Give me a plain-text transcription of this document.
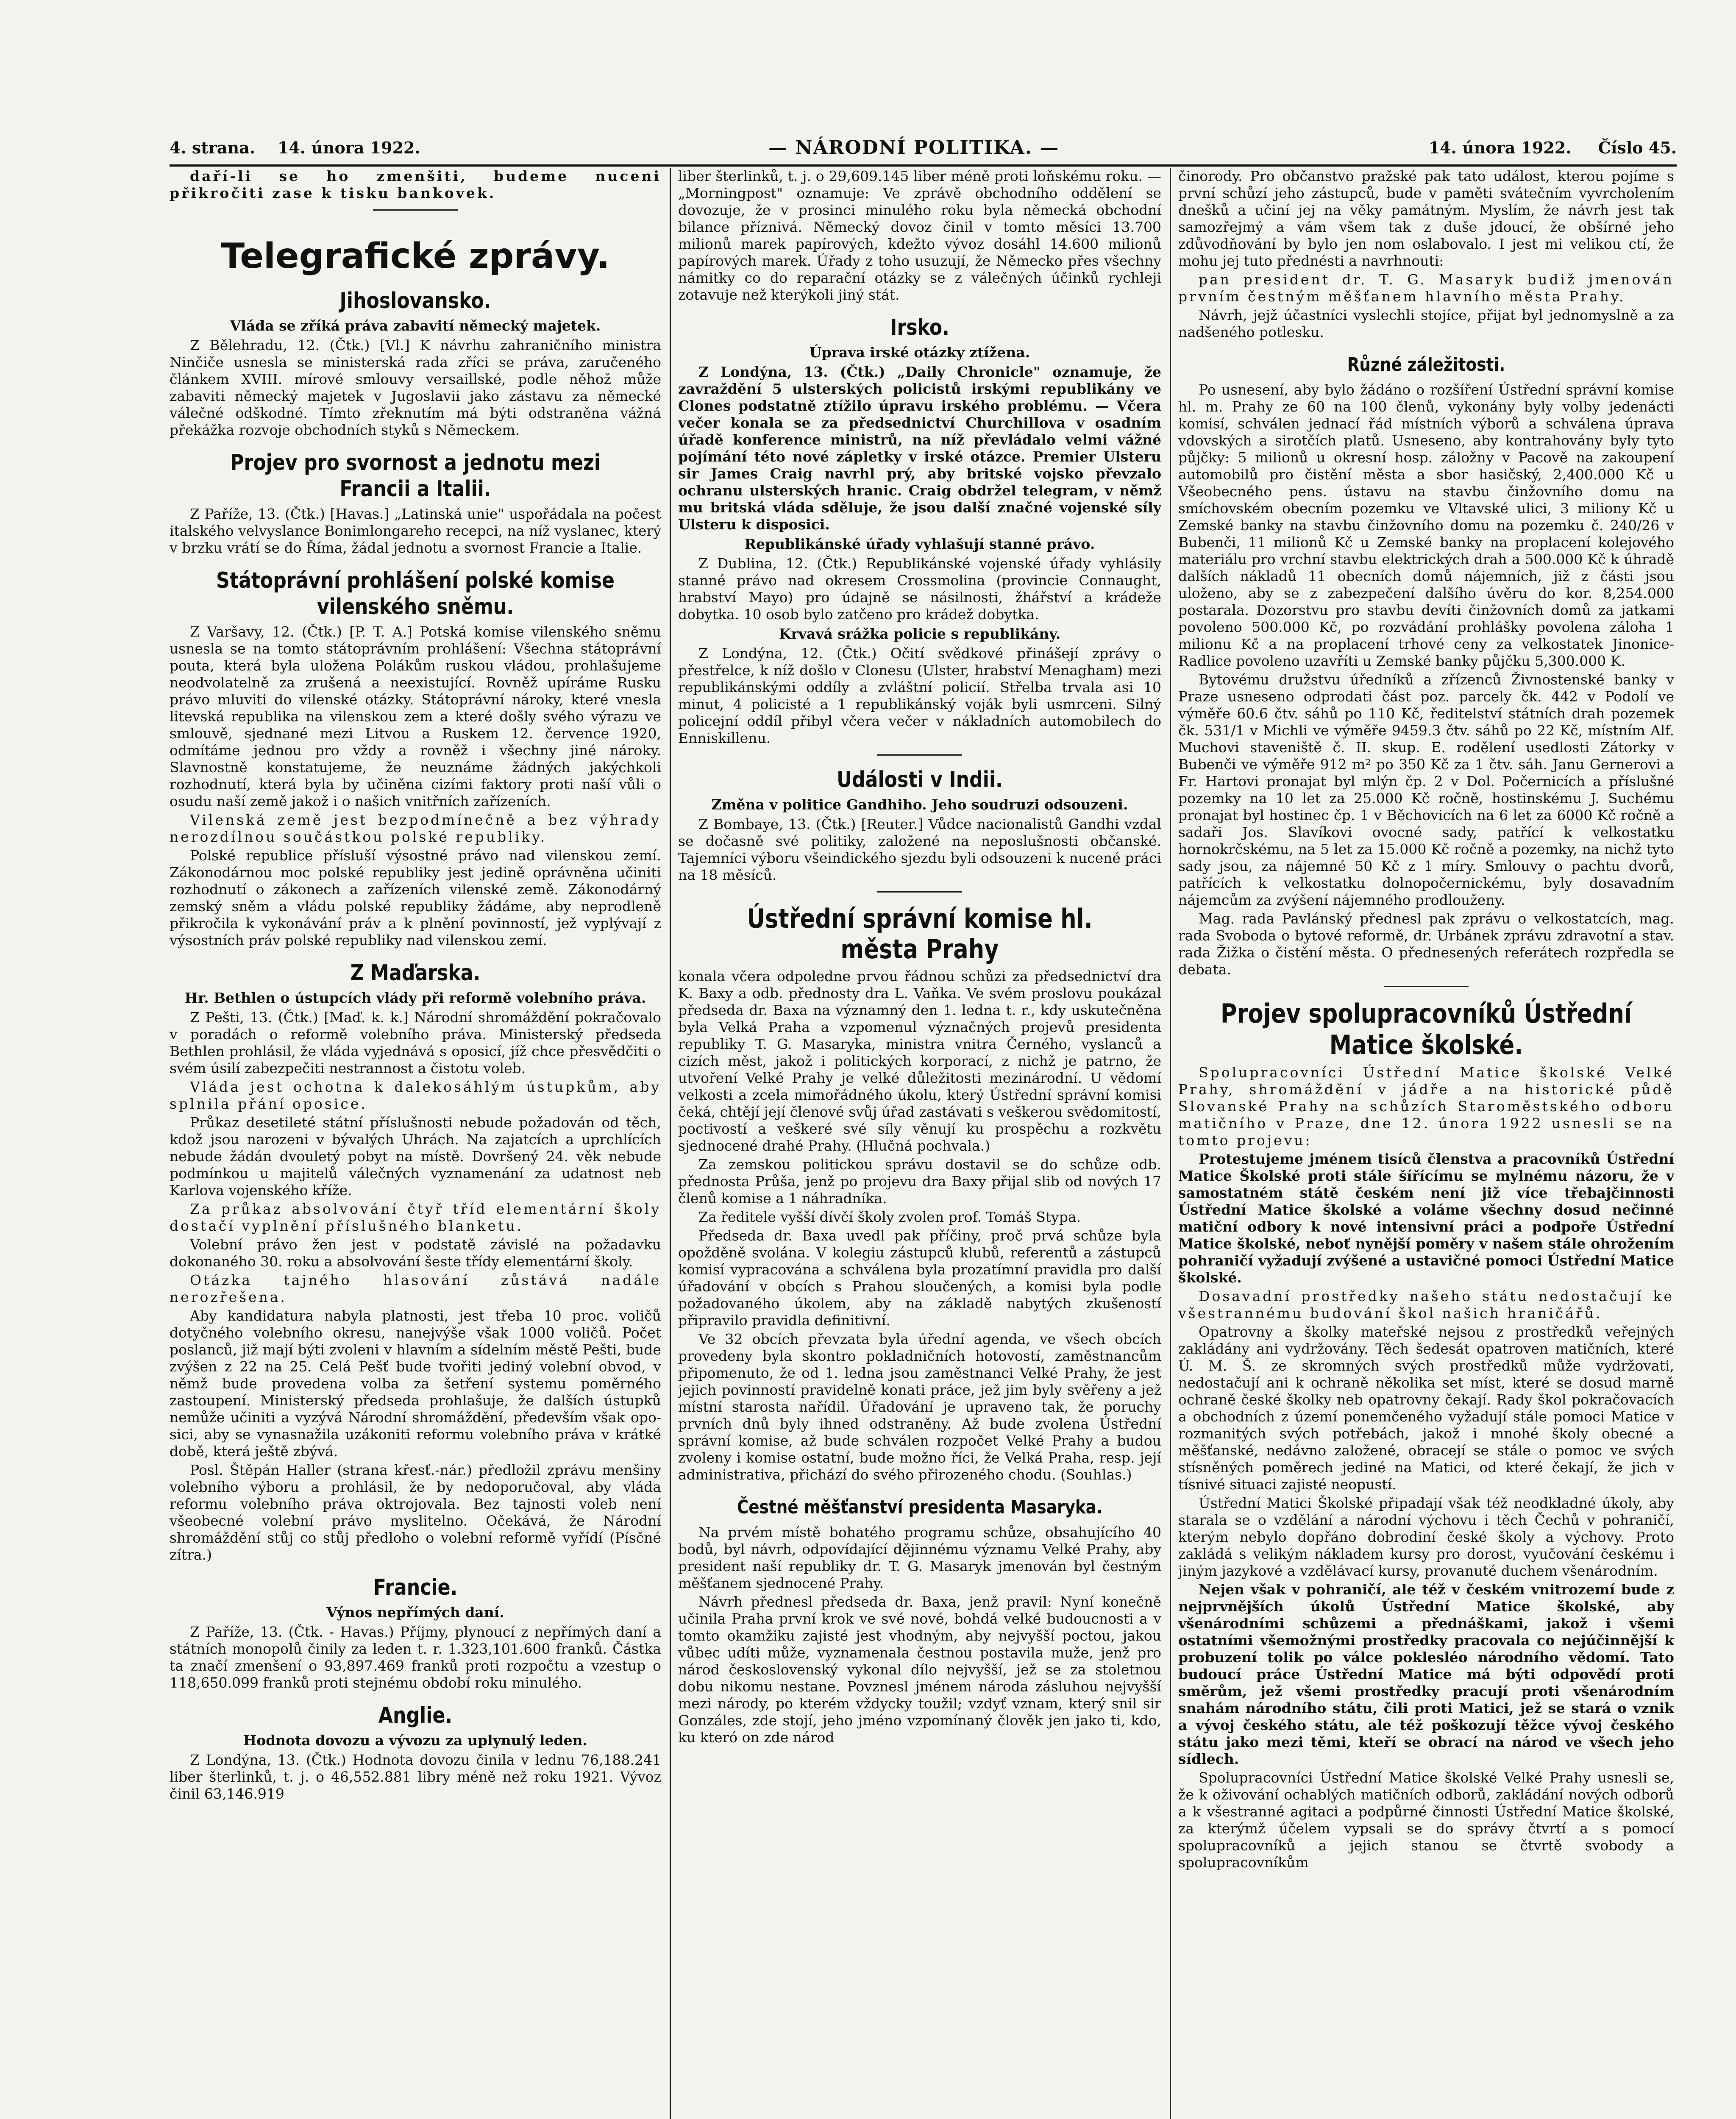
4. strana. 14. února 1922.	— NÁRODNÍ POLITIKA. —	14. února 1922. Číslo 45.

daří-li se ho zmenšiti, budeme nuceni přikročiti zase k tisku bankovek.

Telegrafické zprávy.
Jihoslovansko.
Vláda se zříká práva zabavití německý majetek.

Z Bělehradu, 12. (Čtk.) [Vl.] K návrhu zahraničního ministra Ninčiče usnesla se ministerská rada zříci se práva, zaručeného článkem XVIII. mírové smlouvy versaillské, podle něhož může zabaviti německý majetek v Jugoslavii jako zástavu za německé válečné odškodné. Tímto zřeknutím má býti odstraněna vážná překážka rozvoje obchodních styků s Německem.

Projev pro svornost a jednotu mezi Francii a Italii.

Z Paříže, 13. (Čtk.) [Havas.] „Latinská unie" uspořádala na počest italského velvyslance Bonimlongareho recepci, na níž vyslanec, který v brzku vrátí se do Říma, žádal jednotu a svornost Francie a Italie.

Státoprávní prohlášení polské komise vilenského sněmu.

Z Varšavy, 12. (Čtk.) [P. T. A.] Potská komise vilenského sněmu usnesla se na tomto státoprávním prohlášení: Všechna státoprávní pouta, která byla uložena Polákům ruskou vládou, prohlašujeme neodvolatelně za zrušená a neexistující. Rovněž upíráme Rusku právo mluviti do vilenské otázky. Státoprávní nároky, které vnesla litevská republika na vilenskou zem a které došly svého výrazu ve smlouvě, sjednané mezi Litvou a Ruskem 12. července 1920, odmítáme jednou pro vždy a rovněž i všechny jiné nároky. Slavnostně konstatujeme, že neuznáme žádných jakýchkoli rozhodnutí, která byla by učiněna cizími faktory proti naší vůli o osudu naší země jakož i o našich vnitřních zařízeních.

Vilenská země jest bezpodmínečně a bez výhrady nerozdílnou součástkou polské republiky.

Polské republice přísluší výsostné právo nad vilenskou zemí. Zákonodárnou moc polské republiky jest jedině oprávněna učiniti rozhodnutí o zákonech a zařízeních vilenské země. Zákonodárný zemský sněm a vládu polské republiky žádáme, aby neprodleně přikročila k vykonávání práv a k plnění povinností, jež vyplývají z výsostních práv polské republiky nad vilenskou zemí.

Z Maďarska.
Hr. Bethlen o ústupcích vlády při reformě volebního práva.

Z Pešti, 13. (Čtk.) [Maď. k. k.] Národní shromáždění pokračovalo v poradách o reformě volebního práva. Ministerský předseda Bethlen prohlásil, že vláda vyjednává s oposicí, jíž chce přesvědčiti o svém úsilí zabezpečiti nestrannost a čistotu voleb.

Vláda jest ochotna k dalekosáhlým ústupkům, aby splnila přání oposice.

Průkaz desetileté státní příslušnosti nebude požadován od těch, kdož jsou narozeni v bývalých Uhrách. Na zajatcích a uprchlících nebude žádán dvouletý pobyt na místě. Dovršený 24. věk nebude podmínkou u majitelů válečných vyznamenání za udatnost neb Karlova vojenského kříže.

Za průkaz absolvování čtyř tříd elementární školy dostačí vyplnění příslušného blanketu.

Volební právo žen jest v podstatě závislé na požadavku dokonaného 30. roku a absolvování šeste třídy elementární školy.

Otázka tajného hlasování zůstává nadále nerozřešena.

Aby kandidatura nabyla platnosti, jest třeba 10 proc. voličů dotyčného volebního okresu, nanejvýše však 1000 voličů. Počet poslanců, již mají býti zvoleni v hlavním a sídelním městě Pešti, bude zvýšen z 22 na 25. Celá Pešť bude tvořiti jediný volební obvod, v němž bude provedena volba za šetření systemu poměrného zastoupení. Ministerský předseda prohlašuje, že dalších ústupků nemůže učiniti a vyzývá Národní shromáždění, především však oposici, aby se vynasnažila uzákoniti reformu volebního práva v krátké době, která ještě zbývá.

Posl. Štěpán Haller (strana křesť.-nár.) předložil zprávu menšiny volebního výboru a prohlásil, že by nedoporučoval, aby vláda reformu volebního práva oktrojovala. Bez tajnosti voleb není všeobecné volební právo myslitelno. Očekává, že Národní shromáždění stůj co stůj předloho o volební reformě vyřídí (Písčné zítra.)

Francie.
Výnos nepřímých daní.

Z Paříže, 13. (Čtk. - Havas.) Příjmy, plynoucí z nepřímých daní a státních monopolů činily za leden t. r. 1.323,101.600 franků. Částka ta značí zmenšení o 93,897.469 franků proti rozpočtu a vzestup o 118,650.099 franků proti stejnému období roku minulého.

Anglie.
Hodnota dovozu a vývozu za uplynulý leden.

Z Londýna, 13. (Čtk.) Hodnota dovozu činila v lednu 76,188.241 liber šterlinků, t. j. o 46,552.881 libry méně než roku 1921. Vývoz činil 63,146.919

liber šterlinků, t. j. o 29,609.145 liber méně proti loňskému roku. — „Morningpost" oznamuje: Ve zprávě obchodního oddělení se dovozuje, že v prosinci minulého roku byla německá obchodní bilance příznivá. Německý dovoz činil v tomto měsíci 13.700 milionů marek papírových, kdežto vývoz dosáhl 14.600 milionů papírových marek. Úřady z toho usuzují, že Německo přes všechny námitky co do reparační otázky se z válečných účinků rychleji zotavuje než kterýkoli jiný stát.

Irsko.
Úprava irské otázky ztížena.

Z Londýna, 13. (Čtk.) „Daily Chronicle" oznamuje, že zavraždění 5 ulsterských policistů irskými republikány ve Clones podstatně ztížilo úpravu irského problému. — Včera večer konala se za předsednictví Churchillova v osadním úřadě konference ministrů, na níž převládalo velmi vážné pojímání této nové zápletky v irské otázce. Premier Ulsteru sir James Craig navrhl prý, aby britské vojsko převzalo ochranu ulsterských hranic. Craig obdržel telegram, v němž mu britská vláda sděluje, že jsou další značné vojenské síly Ulsteru k disposici.

Republikánské úřady vyhlašují stanné právo.

Z Dublina, 12. (Čtk.) Republikánské vojenské úřady vyhlásily stanné právo nad okresem Crossmolina (provincie Connaught, hrabství Mayo) pro údajně se násilnosti, žhářství a krádeže dobytka. 10 osob bylo zatčeno pro krádež dobytka.

Krvavá srážka policie s republikány.

Z Londýna, 12. (Čtk.) Očití svědkové přinášejí zprávy o přestřelce, k níž došlo v Clonesu (Ulster, hrabství Menagham) mezi republikánskými oddíly a zvláštní policií. Střelba trvala asi 10 minut, 4 policisté a 1 republikánský voják byli usmrceni. Silný policejní oddíl přibyl včera večer v nákladních automobilech do Enniskillenu.

Události v Indii.
Změna v politice Gandhiho. Jeho soudruzi odsouzeni.

Z Bombaye, 13. (Čtk.) [Reuter.] Vůdce nacionalistů Gandhi vzdal se dočasně své politiky, založené na neposlušnosti občanské. Tajemníci výboru všeindického sjezdu byli odsouzeni k nucené práci na 18 měsíců.

Ústřední správní komise hl. města Prahy

konala včera odpoledne prvou řádnou schůzi za předsednictví dra K. Baxy a odb. přednosty dra L. Vaňka. Ve svém proslovu poukázal předseda dr. Baxa na významný den 1. ledna t. r., kdy uskutečněna byla Velká Praha a vzpomenul význačných projevů presidenta republiky T. G. Masaryka, ministra vnitra Černého, vyslanců a cizích měst, jakož i politických korporací, z nichž je patrno, že utvoření Velké Prahy je velké důležitosti mezinárodní. U vědomí velkosti a zcela mimořádného úkolu, který Ústřední správní komisi čeká, chtějí její členové svůj úřad zastávati s veškerou svědomitostí, poctivostí a veškeré své síly věnují ku prospěchu a rozkvětu sjednocené drahé Prahy. (Hlučná pochvala.)

Za zemskou politickou správu dostavil se do schůze odb. přednosta Průša, jenž po projevu dra Baxy přijal slib od nových 17 členů komise a 1 náhradníka.

Za ředitele vyšší dívčí školy zvolen prof. Tomáš Stypa.

Předseda dr. Baxa uvedl pak příčiny, proč prvá schůze byla opožděně svolána. V kolegiu zástupců klubů, referentů a zástupců komisí vypracována a schválena byla prozatímní pravidla pro další úřadování v obcích s Prahou sloučených, a komisi byla podle požadovaného úkolem, aby na základě nabytých zkušeností připravilo pravidla definitivní.

Ve 32 obcích převzata byla úřední agenda, ve všech obcích provedeny byla skontro pokladničních hotovostí, zaměstnancům připomenuto, že od 1. ledna jsou zaměstnanci Velké Prahy, že jest jejich povinností pravidelně konati práce, jež jim byly svěřeny a jež místní starosta nařídil. Úřadování je upraveno tak, že poruchy prvních dnů byly ihned odstraněny. Až bude zvolena Ústřední správní komise, až bude schválen rozpočet Velké Prahy a budou zvoleny i komise ostatní, bude možno říci, že Velká Praha, resp. její administrativa, přichází do svého přirozeného chodu. (Souhlas.)

Čestné měšťanství presidenta Masaryka.

Na prvém místě bohatého programu schůze, obsahujícího 40 bodů, byl návrh, odpovídající dějinnému významu Velké Prahy, aby president naší republiky dr. T. G. Masaryk jmenován byl čestným měšťanem sjednocené Prahy.

Návrh přednesl předseda dr. Baxa, jenž pravil: Nyní konečně učinila Praha první krok ve své nové, bohdá velké budoucnosti a v tomto okamžiku zajisté jest vhodným, aby nejvyšší poctou, jakou vůbec udíti může, vyznamenala čestnou postavila muže, jenž pro národ československý vykonal dílo nejvyšší, jež se za stoletnou dobu nikomu nestane. Povznesl jménem národa zásluhou nejvyšší mezi národy, po kterém vždycky toužil; vzdyť vznam, který snil sir Gonzáles, zde stojí, jeho jméno vzpomínaný člověk jen jako ti, kdo, ku kteró on zde národ

činorody. Pro občanstvo pražské pak tato událost, kterou pojíme s první schůzí jeho zástupců, bude v paměti svátečním vyvrcholením dnešků a učiní jej na věky památným. Myslím, že návrh jest tak samozřejmý a vám všem tak z duše jdoucí, že obšírné jeho zdůvodňování by bylo jen nom oslabovalo. I jest mi velikou ctí, že mohu jej tuto přednésti a navrhnouti:

pan president dr. T. G. Masaryk budiž jmenován prvním čestným měšťanem hlavního města Prahy.

Návrh, jejž účastníci vyslechli stojíce, přijat byl jednomyslně a za nadšeného potlesku.

Různé záležitosti.

Po usnesení, aby bylo žádáno o rozšíření Ústřední správní komise hl. m. Prahy ze 60 na 100 členů, vykonány byly volby jedenácti komisí, schválen jednací řád místních výborů a schválena úprava vdovských a sirotčích platů. Usneseno, aby kontrahovány byly tyto půjčky: 5 milionů u okresní hosp. záložny v Pacově na zakoupení automobilů pro čistění města a sbor hasičský, 2,400.000 Kč u Všeobecného pens. ústavu na stavbu činžovního domu na smíchovském obecním pozemku ve Vltavské ulici, 3 miliony Kč u Zemské banky na stavbu činžovního domu na pozemku č. 240/26 v Bubenči, 11 milionů Kč u Zemské banky na proplacení kolejového materiálu pro vrchní stavbu elektrických drah a 500.000 Kč k úhradě dalších nákladů 11 obecních domů nájemních, již z části jsou uloženo, aby se z zabezpečení dalšího úvěru do kor. 8,254.000 postarala. Dozorstvu pro stavbu devíti činžovních domů za jatkami povoleno 500.000 Kč, po rozvádání prohlášky povolena záloha 1 milionu Kč a na proplacení trhové ceny za velkostatek Jinonice-Radlice povoleno uzavříti u Zemské banky půjčku 5,300.000 K.

Bytovému družstvu úředníků a zřízenců Živnostenské banky v Praze usneseno odprodati část poz. parcely čk. 442 v Podolí ve výměře 60.6 čtv. sáhů po 110 Kč, ředitelství státních drah pozemek čk. 531/1 v Michli ve výměře 9459.3 čtv. sáhů po 22 Kč, místním Alf. Muchovi staveniště č. II. skup. E. rodělení usedlosti Zátorky v Bubenči ve výměře 912 m² po 350 Kč za 1 čtv. sáh. Janu Gernerovi a Fr. Hartovi pronajat byl mlýn čp. 2 v Dol. Počernicích a příslušné pozemky na 10 let za 25.000 Kč ročně, hostinskému J. Suchému pronajat byl hostinec čp. 1 v Běchovicích na 6 let za 6000 Kč ročně a sadaři Jos. Slavíkovi ovocné sady, patřící k velkostatku hornokrčskému, na 5 let za 15.000 Kč ročně a pozemky, na nichž tyto sady jsou, za nájemné 50 Kč z 1 míry. Smlouvy o pachtu dvorů, patřících k velkostatku dolnopočernickému, byly dosavadním nájemcům za zvýšení nájemného prodlouženy.

Mag. rada Pavlánský přednesl pak zprávu o velkostatcích, mag. rada Svoboda o bytové reformě, dr. Urbánek zprávu zdravotní a stav. rada Žižka o čistění města. O přednesených referátech rozpředla se debata.

Projev spolupracovníků Ústřední Matice školské.

Spolupracovníci Ústřední Matice školské Velké Prahy, shromáždění v jádře a na historické půdě Slovanské Prahy na schůzích Staroměstského odboru matičního v Praze, dne 12. února 1922 usnesli se na tomto projevu:

Protestujeme jménem tisíců členstva a pracovníků Ústřední Matice Školské proti stále šířícímu se mylnému názoru, že v samostatném státě českém není již více třebajčinnosti Ústřední Matice školské a voláme všechny dosud nečinné matiční odbory k nové intensivní práci a podpoře Ústřední Matice školské, neboť nynější poměry v našem stále ohrožením pohraničí vyžadují zvýšené a ustavičné pomoci Ústřední Matice školské.

Dosavadní prostředky našeho státu nedostačují ke všestrannému budování škol našich hraničářů.

Opatrovny a školky mateřské nejsou z prostředků veřejných zakládány ani vydržovány. Těch šedesát opatroven matičních, které Ú. M. Š. ze skromných svých prostředků může vydržovati, nedostačují ani k ochraně několika set míst, které se dosud marně ochraně české školky neb opatrovny čekají. Rady škol pokračovacích a obchodních z území ponemčeného vyžadují stále pomoci Matice v rozmanitých svých potřebách, jakož i mnohé školy obecné a měšťanské, nedávno založené, obracejí se stále o pomoc ve svých stísněných poměrech jediné na Matici, od které čekají, že jich v tísnivé situaci zajisté neopustí.

Ústřední Matici Školské připadají však též neodkladné úkoly, aby starala se o vzdělání a národní výchovu i těch Čechů v pohraničí, kterým nebylo dopřáno dobrodiní české školy a výchovy. Proto zakládá s velikým nákladem kursy pro dorost, vyučování českému i jiným jazykové a vzdělávací kursy, provanuté duchem všenárodním.

Nejen však v pohraničí, ale též v českém vnitrozemí bude z nejprvnějších úkolů Ústřední Matice školské, aby všenárodními schůzemi a přednáškami, jakož i všemi ostatními všemožnými prostředky pracovala co nejúčinnější k probuzení tolik po válce poklesléo národního vědomí. Tato budoucí práce Ústřední Matice má býti odpovědí proti směrům, jež všemi prostředky pracují proti všenárodním snahám národního státu, čili proti Matici, jež se stará o vznik a vývoj českého státu, ale též poškozují těžce vývoj českého státu jako mezi těmi, kteří se obrací na národ ve všech jeho sídlech.

Spolupracovníci Ústřední Matice školské Velké Prahy usnesli se, že k oživování ochablých matičních odborů, zakládání nových odborů a k všestranné agitaci a podpůrné činnosti Ústřední Matice školské, za kterýmž účelem vypsali se do správy čtvrtí a s pomocí spolupracovníků a jejich stanou se čtvrtě svobody a spolupracovníkům
